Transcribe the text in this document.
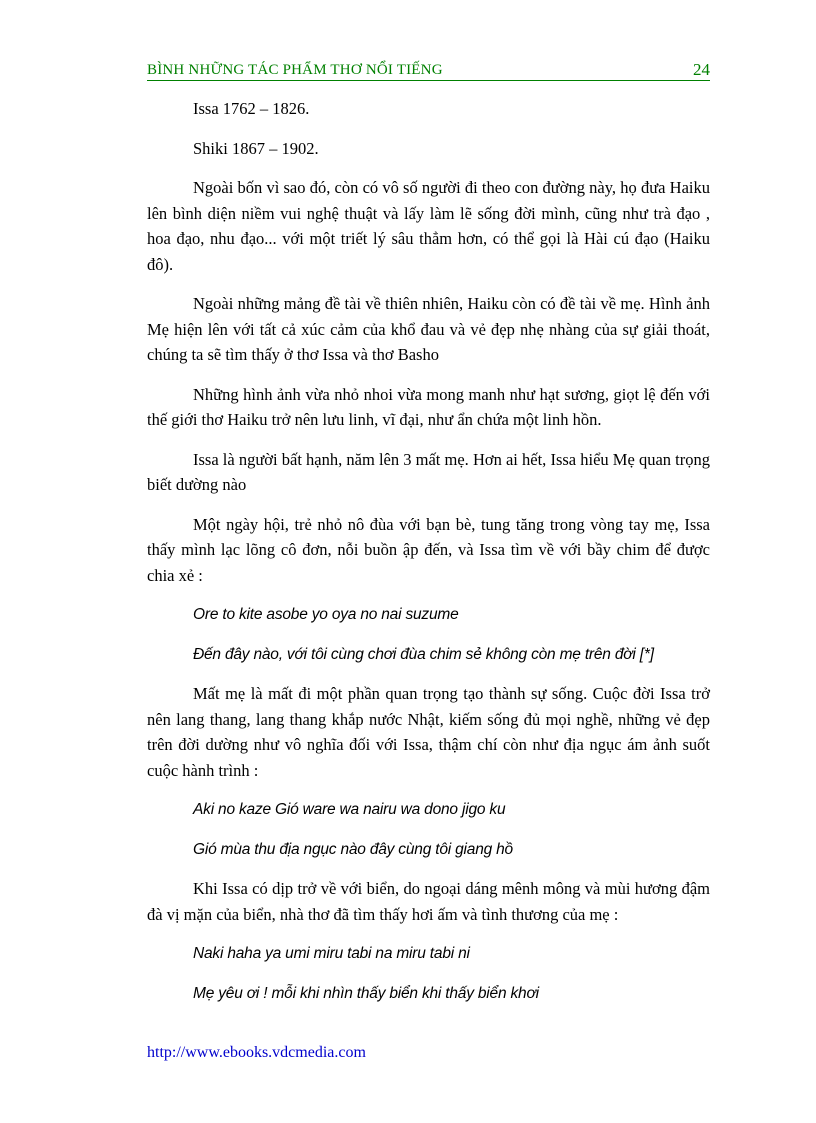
BÌNH NHỮNG TÁC PHẨM THƠ NỔI TIẾNG	24

Issa 1762 – 1826.

Shiki 1867 – 1902.

Ngoài bốn vì sao đó, còn có vô số người đi theo con đường này, họ đưa Haiku lên bình diện niềm vui nghệ thuật và lấy làm lẽ sống đời mình, cũng như trà đạo , hoa đạo, nhu đạo... với một triết lý sâu thẳm hơn, có thể gọi là Hài cú đạo (Haiku đô).

Ngoài những mảng đề tài về thiên nhiên, Haiku còn có đề tài về mẹ. Hình ảnh Mẹ hiện lên với tất cả xúc cảm của khổ đau và vẻ đẹp nhẹ nhàng của sự giải thoát, chúng ta sẽ tìm thấy ở thơ Issa và thơ Basho

Những hình ảnh vừa nhỏ nhoi vừa mong manh như hạt sương, giọt lệ đến với thế giới thơ Haiku trở nên lưu linh, vĩ đại, như ẩn chứa một linh hồn.

Issa là người bất hạnh, năm lên 3 mất mẹ. Hơn ai hết, Issa hiểu Mẹ quan trọng biết dường nào

Một ngày hội, trẻ nhỏ nô đùa với bạn bè, tung tăng trong vòng tay mẹ, Issa thấy mình lạc lõng cô đơn, nỗi buồn ập đến, và Issa tìm về với bầy chim để được chia xẻ :

Ore to kite asobe yo oya no nai suzume

Đến đây nào, với tôi cùng chơi đùa chim sẻ không còn mẹ trên đời [*]

Mất mẹ là mất đi một phần quan trọng tạo thành sự sống. Cuộc đời Issa trở nên lang thang, lang thang khắp nước Nhật, kiếm sống đủ mọi nghề, những vẻ đẹp trên đời dường như vô nghĩa đối với Issa, thậm chí còn như địa ngục ám ảnh suốt cuộc hành trình :

Aki no kaze Gió ware wa nairu wa dono jigo ku

Gió mùa thu địa ngục nào đây cùng tôi giang hồ

Khi Issa có dịp trở về với biển, do ngoại dáng mênh mông và mùi hương đậm đà vị mặn của biển, nhà thơ đã tìm thấy hơi ấm và tình thương của mẹ :

Naki haha ya umi miru tabi na miru tabi ni

Mẹ yêu ơi ! mỗi khi nhìn thấy biển khi thấy biển khơi

http://www.ebooks.vdcmedia.com
